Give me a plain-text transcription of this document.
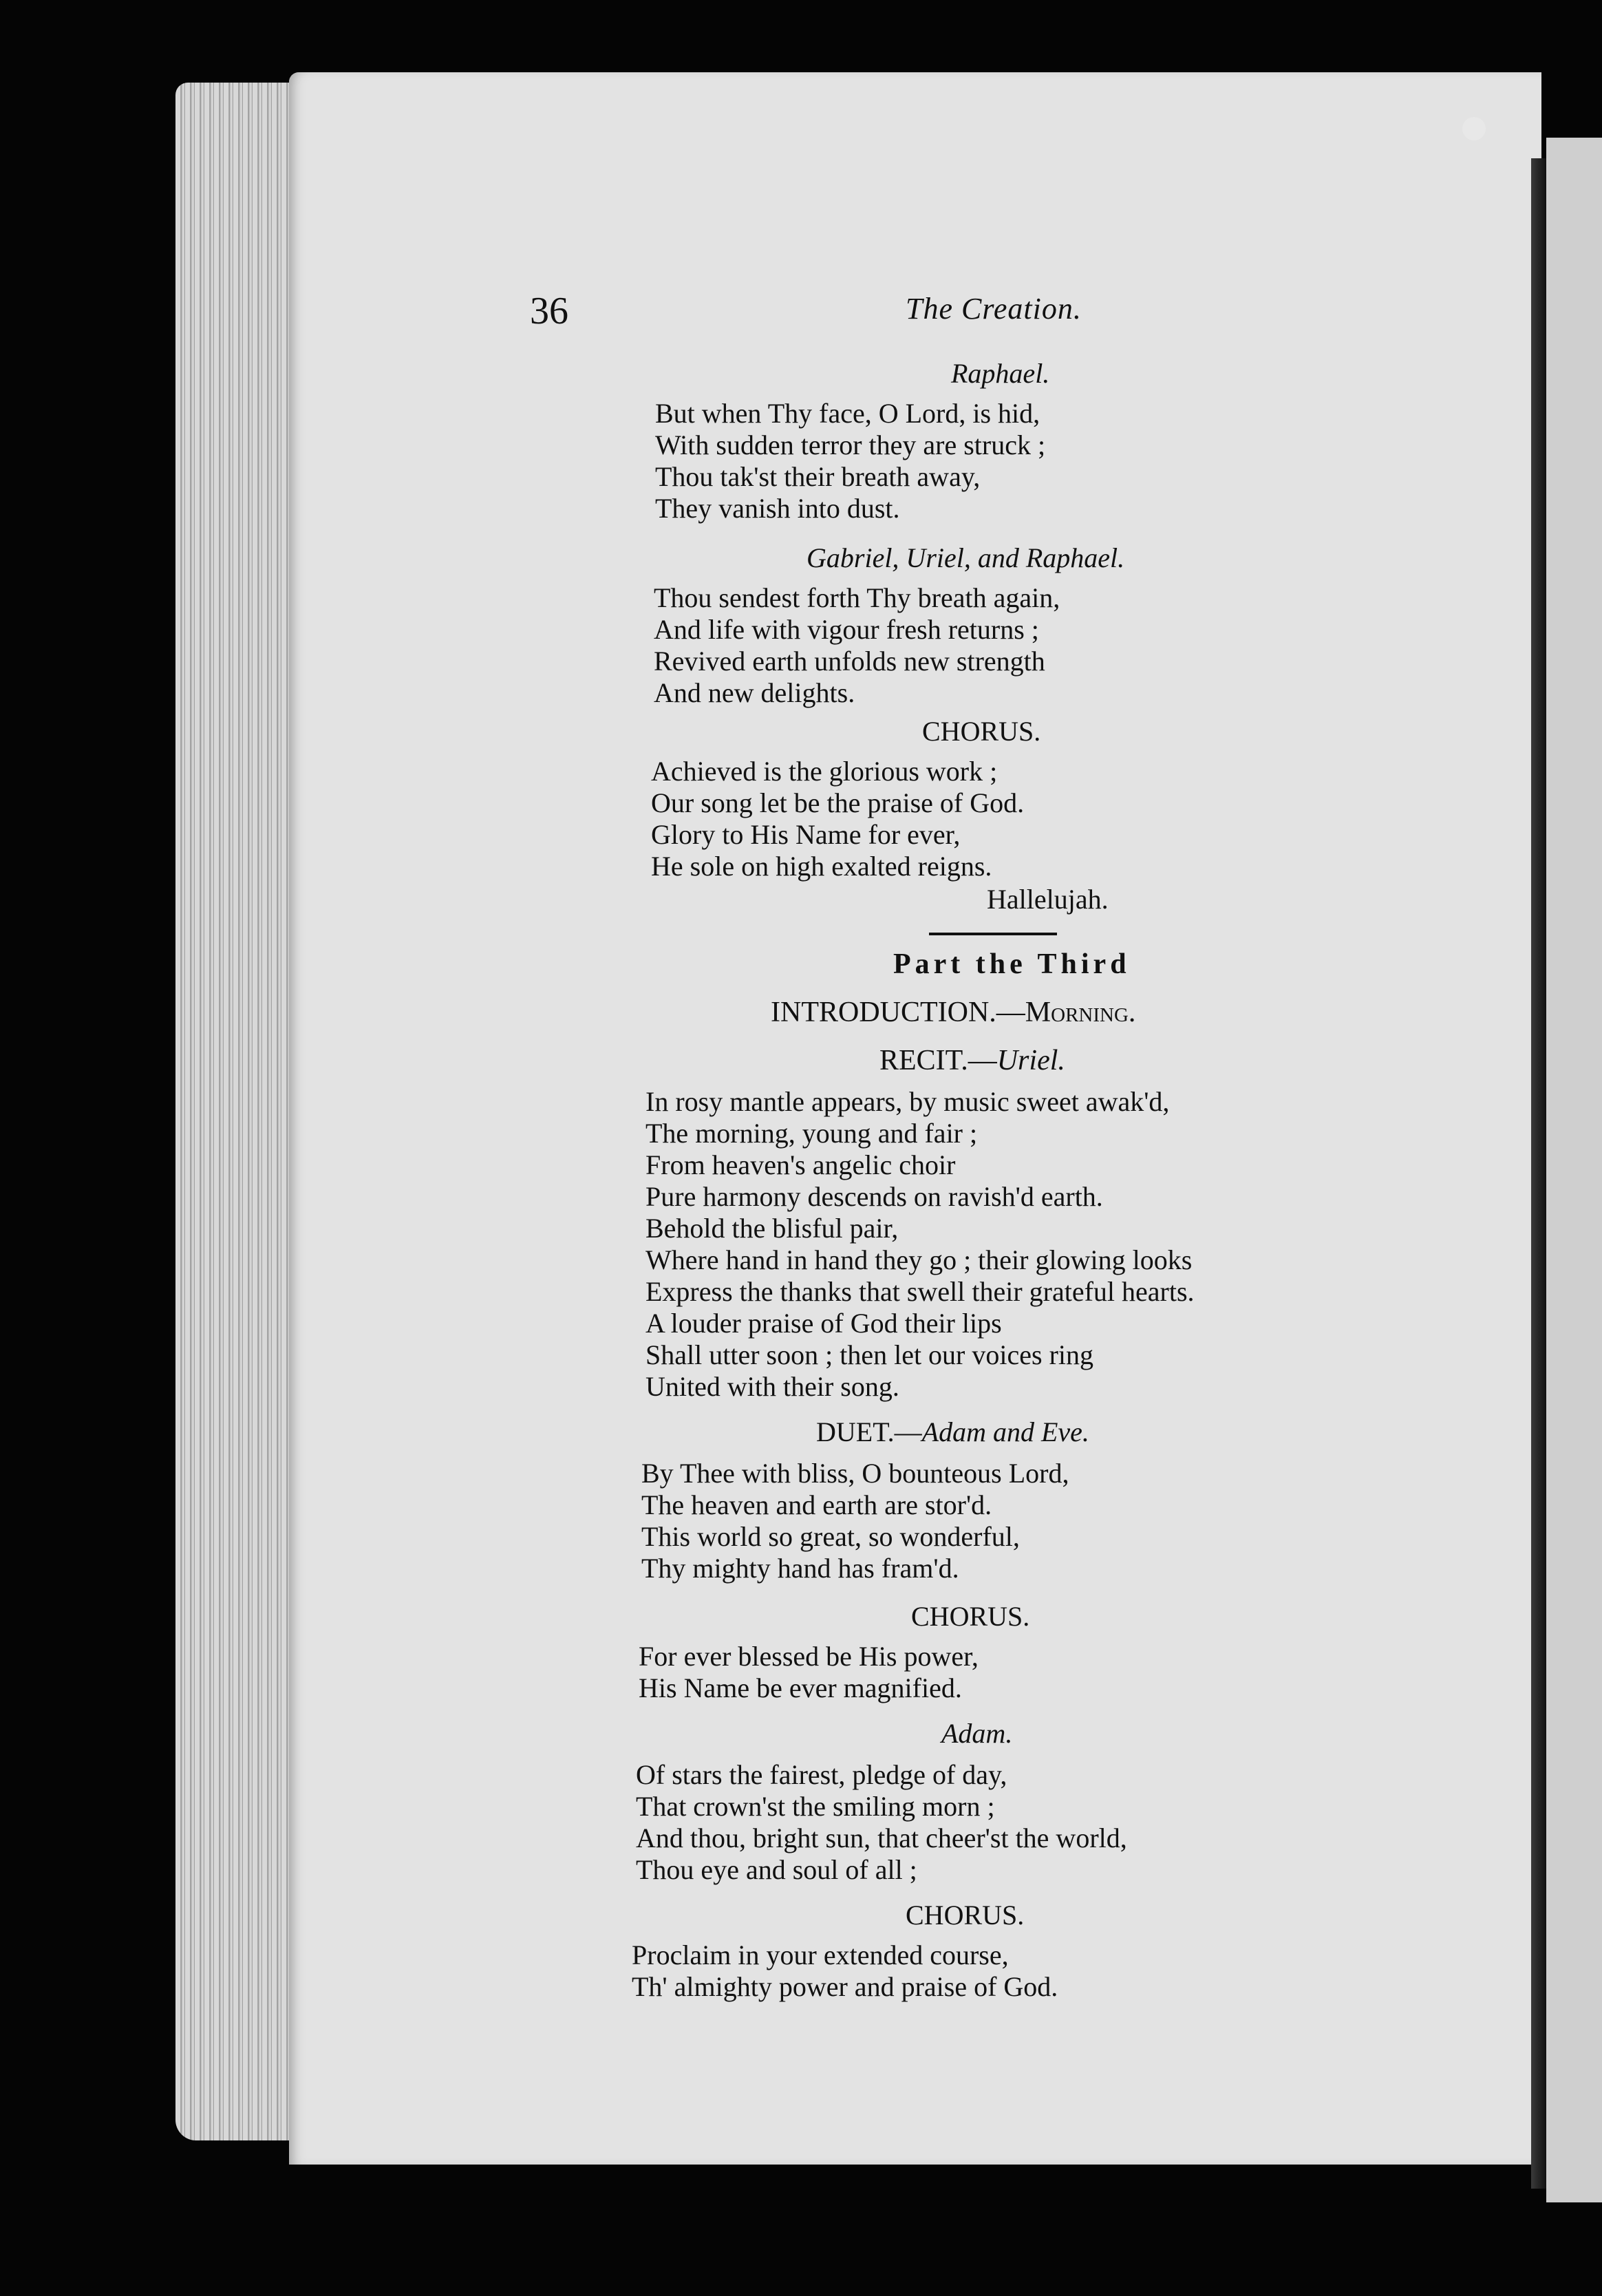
36	The Creation.
Raphael.
But when Thy face, O Lord, is hid,
With sudden terror they are struck ;
Thou tak'st their breath away,
They vanish into dust.
Gabriel, Uriel, and Raphael.
Thou sendest forth Thy breath again,
And life with vigour fresh returns ;
Revived earth unfolds new strength
And new delights.
CHORUS.
Achieved is the glorious work ;
Our song let be the praise of God.
Glory to His Name for ever,
He sole on high exalted reigns.
Hallelujah.
Part the Third
INTRODUCTION.—Morning.
RECIT.—Uriel.
In rosy mantle appears, by music sweet awak'd,
The morning, young and fair ;
From heaven's angelic choir
Pure harmony descends on ravish'd earth.
Behold the blisful pair,
Where hand in hand they go ; their glowing looks
Express the thanks that swell their grateful hearts.
A louder praise of God their lips
Shall utter soon ; then let our voices ring
United with their song.
DUET.—Adam and Eve.
By Thee with bliss, O bounteous Lord,
The heaven and earth are stor'd.
This world so great, so wonderful,
Thy mighty hand has fram'd.
CHORUS.
For ever blessed be His power,
His Name be ever magnified.
Adam.
Of stars the fairest, pledge of day,
That crown'st the smiling morn ;
And thou, bright sun, that cheer'st the world,
Thou eye and soul of all ;
CHORUS.
Proclaim in your extended course,
Th' almighty power and praise of God.
